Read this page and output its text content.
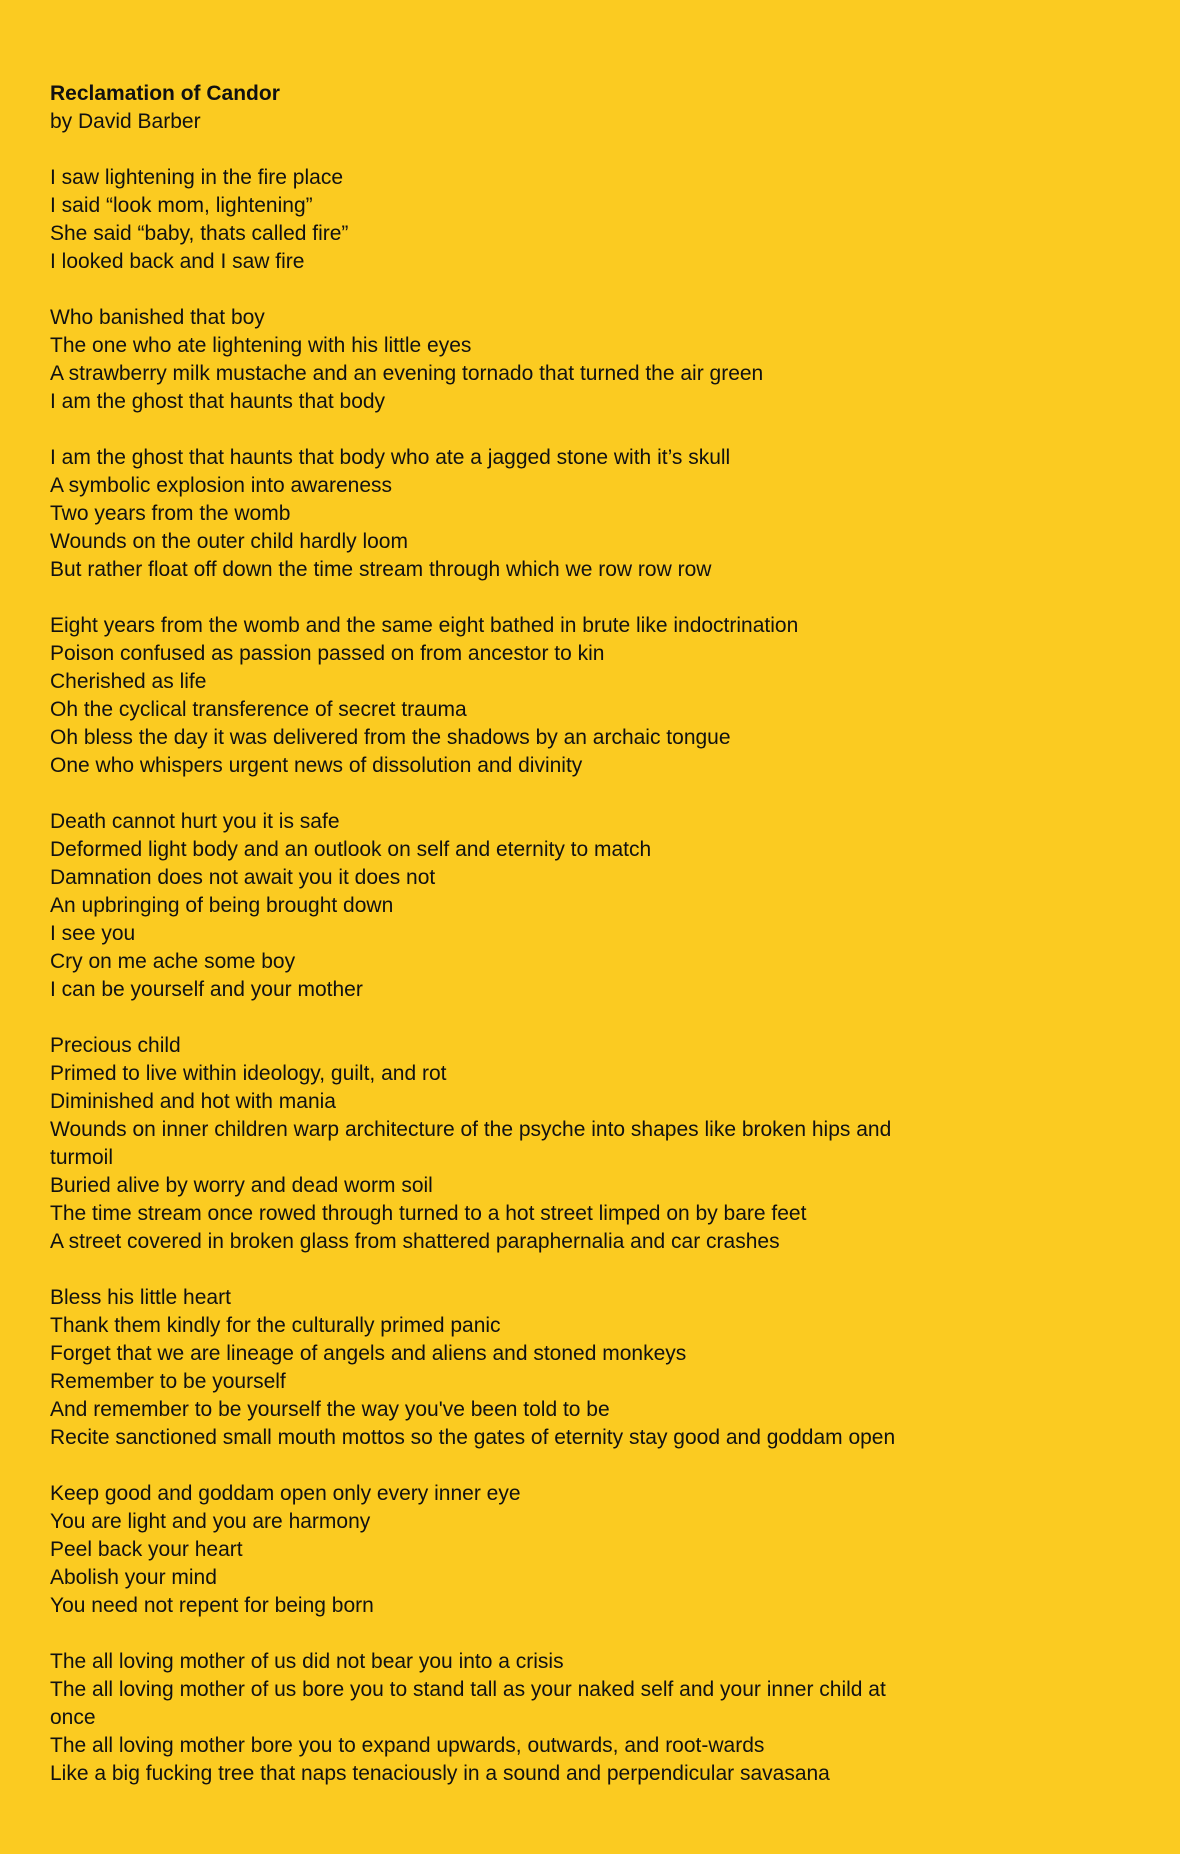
Reclamation of Candor
by David Barber
I saw lightening in the fire place
I said “look mom, lightening”
She said “baby, thats called fire”
I looked back and I saw fire
Who banished that boy
The one who ate lightening with his little eyes
A strawberry milk mustache and an evening tornado that turned the air green
I am the ghost that haunts that body
I am the ghost that haunts that body who ate a jagged stone with it’s skull
A symbolic explosion into awareness
Two years from the womb
Wounds on the outer child hardly loom
But rather float off down the time stream through which we row row row
Eight years from the womb and the same eight bathed in brute like indoctrination
Poison confused as passion passed on from ancestor to kin
Cherished as life
Oh the cyclical transference of secret trauma
Oh bless the day it was delivered from the shadows by an archaic tongue
One who whispers urgent news of dissolution and divinity
Death cannot hurt you it is safe
Deformed light body and an outlook on self and eternity to match
Damnation does not await you it does not
An upbringing of being brought down
I see you
Cry on me ache some boy
I can be yourself and your mother
Precious child
Primed to live within ideology, guilt, and rot
Diminished and hot with mania
Wounds on inner children warp architecture of the psyche into shapes like broken hips and turmoil
Buried alive by worry and dead worm soil
The time stream once rowed through turned to a hot street limped on by bare feet
A street covered in broken glass from shattered paraphernalia and car crashes
Bless his little heart
Thank them kindly for the culturally primed panic
Forget that we are lineage of angels and aliens and stoned monkeys
Remember to be yourself
And remember to be yourself the way you've been told to be
Recite sanctioned small mouth mottos so the gates of eternity stay good and goddam open
Keep good and goddam open only every inner eye
You are light and you are harmony
Peel back your heart
Abolish your mind
You need not repent for being born
The all loving mother of us did not bear you into a crisis
The all loving mother of us bore you to stand tall as your naked self and your inner child at once
The all loving mother bore you to expand upwards, outwards, and root-wards
Like a big fucking tree that naps tenaciously in a sound and perpendicular savasana
